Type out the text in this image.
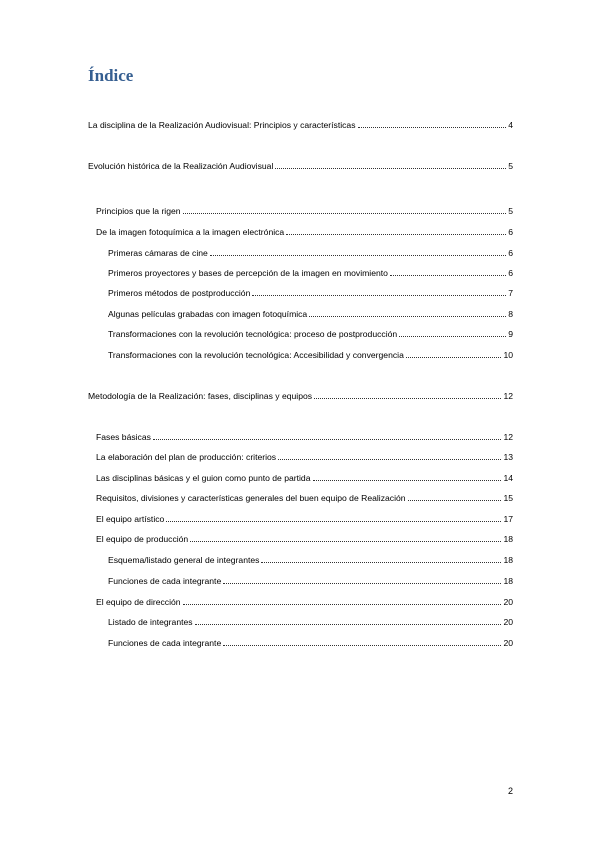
Índice
La disciplina de la Realización Audiovisual: Principios y características	4
Evolución histórica de la Realización Audiovisual	5
Principios que la rigen	5
De la imagen fotoquímica a la imagen electrónica	6
Primeras cámaras de cine	6
Primeros proyectores y bases de percepción de la imagen en movimiento	6
Primeros métodos de postproducción	7
Algunas películas grabadas con imagen fotoquímica	8
Transformaciones con la revolución tecnológica: proceso de postproducción	9
Transformaciones con la revolución tecnológica: Accesibilidad y convergencia	10
Metodología de la Realización: fases, disciplinas y equipos	12
Fases básicas	12
La elaboración del plan de producción: criterios	13
Las disciplinas básicas y el guion como punto de partida	14
Requisitos, divisiones y características generales del buen equipo de Realización	15
El equipo artístico	17
El equipo de producción	18
Esquema/listado general de integrantes	18
Funciones de cada integrante	18
El equipo de dirección	20
Listado de integrantes	20
Funciones de cada integrante	20
2
